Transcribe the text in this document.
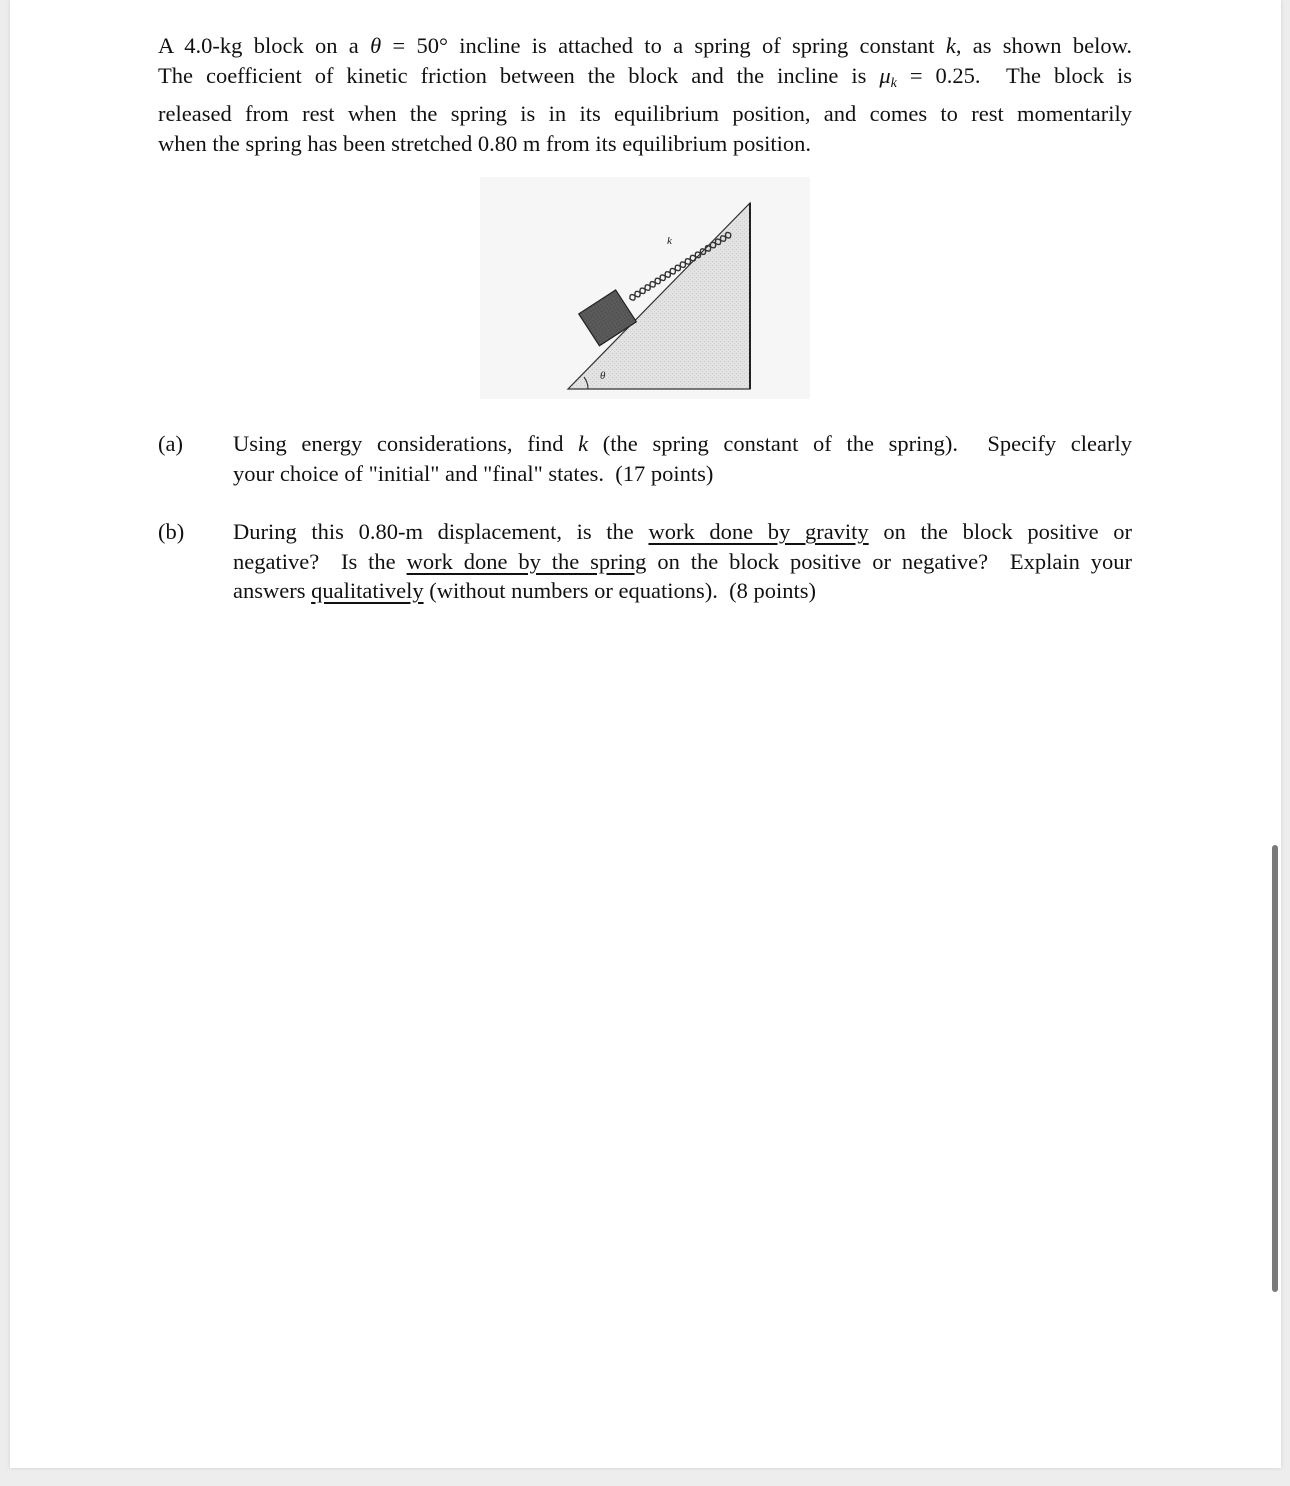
A 4.0-kg block on a θ = 50° incline is attached to a spring of spring constant k, as shown below.
The coefficient of kinetic friction between the block and the incline is $\mu_k = 0.25$.  The block is
released from rest when the spring is in its equilibrium position, and comes to rest momentarily
when the spring has been stretched 0.80 m from its equilibrium position.
θ
k
(a) Using energy considerations, find k (the spring constant of the spring).  Specify clearly
your choice of "initial" and "final" states.  (17 points)
(b) During this 0.80-m displacement, is the work done by gravity on the block positive or
negative?  Is the work done by the spring on the block positive or negative?  Explain your
answers qualitatively (without numbers or equations).  (8 points)
